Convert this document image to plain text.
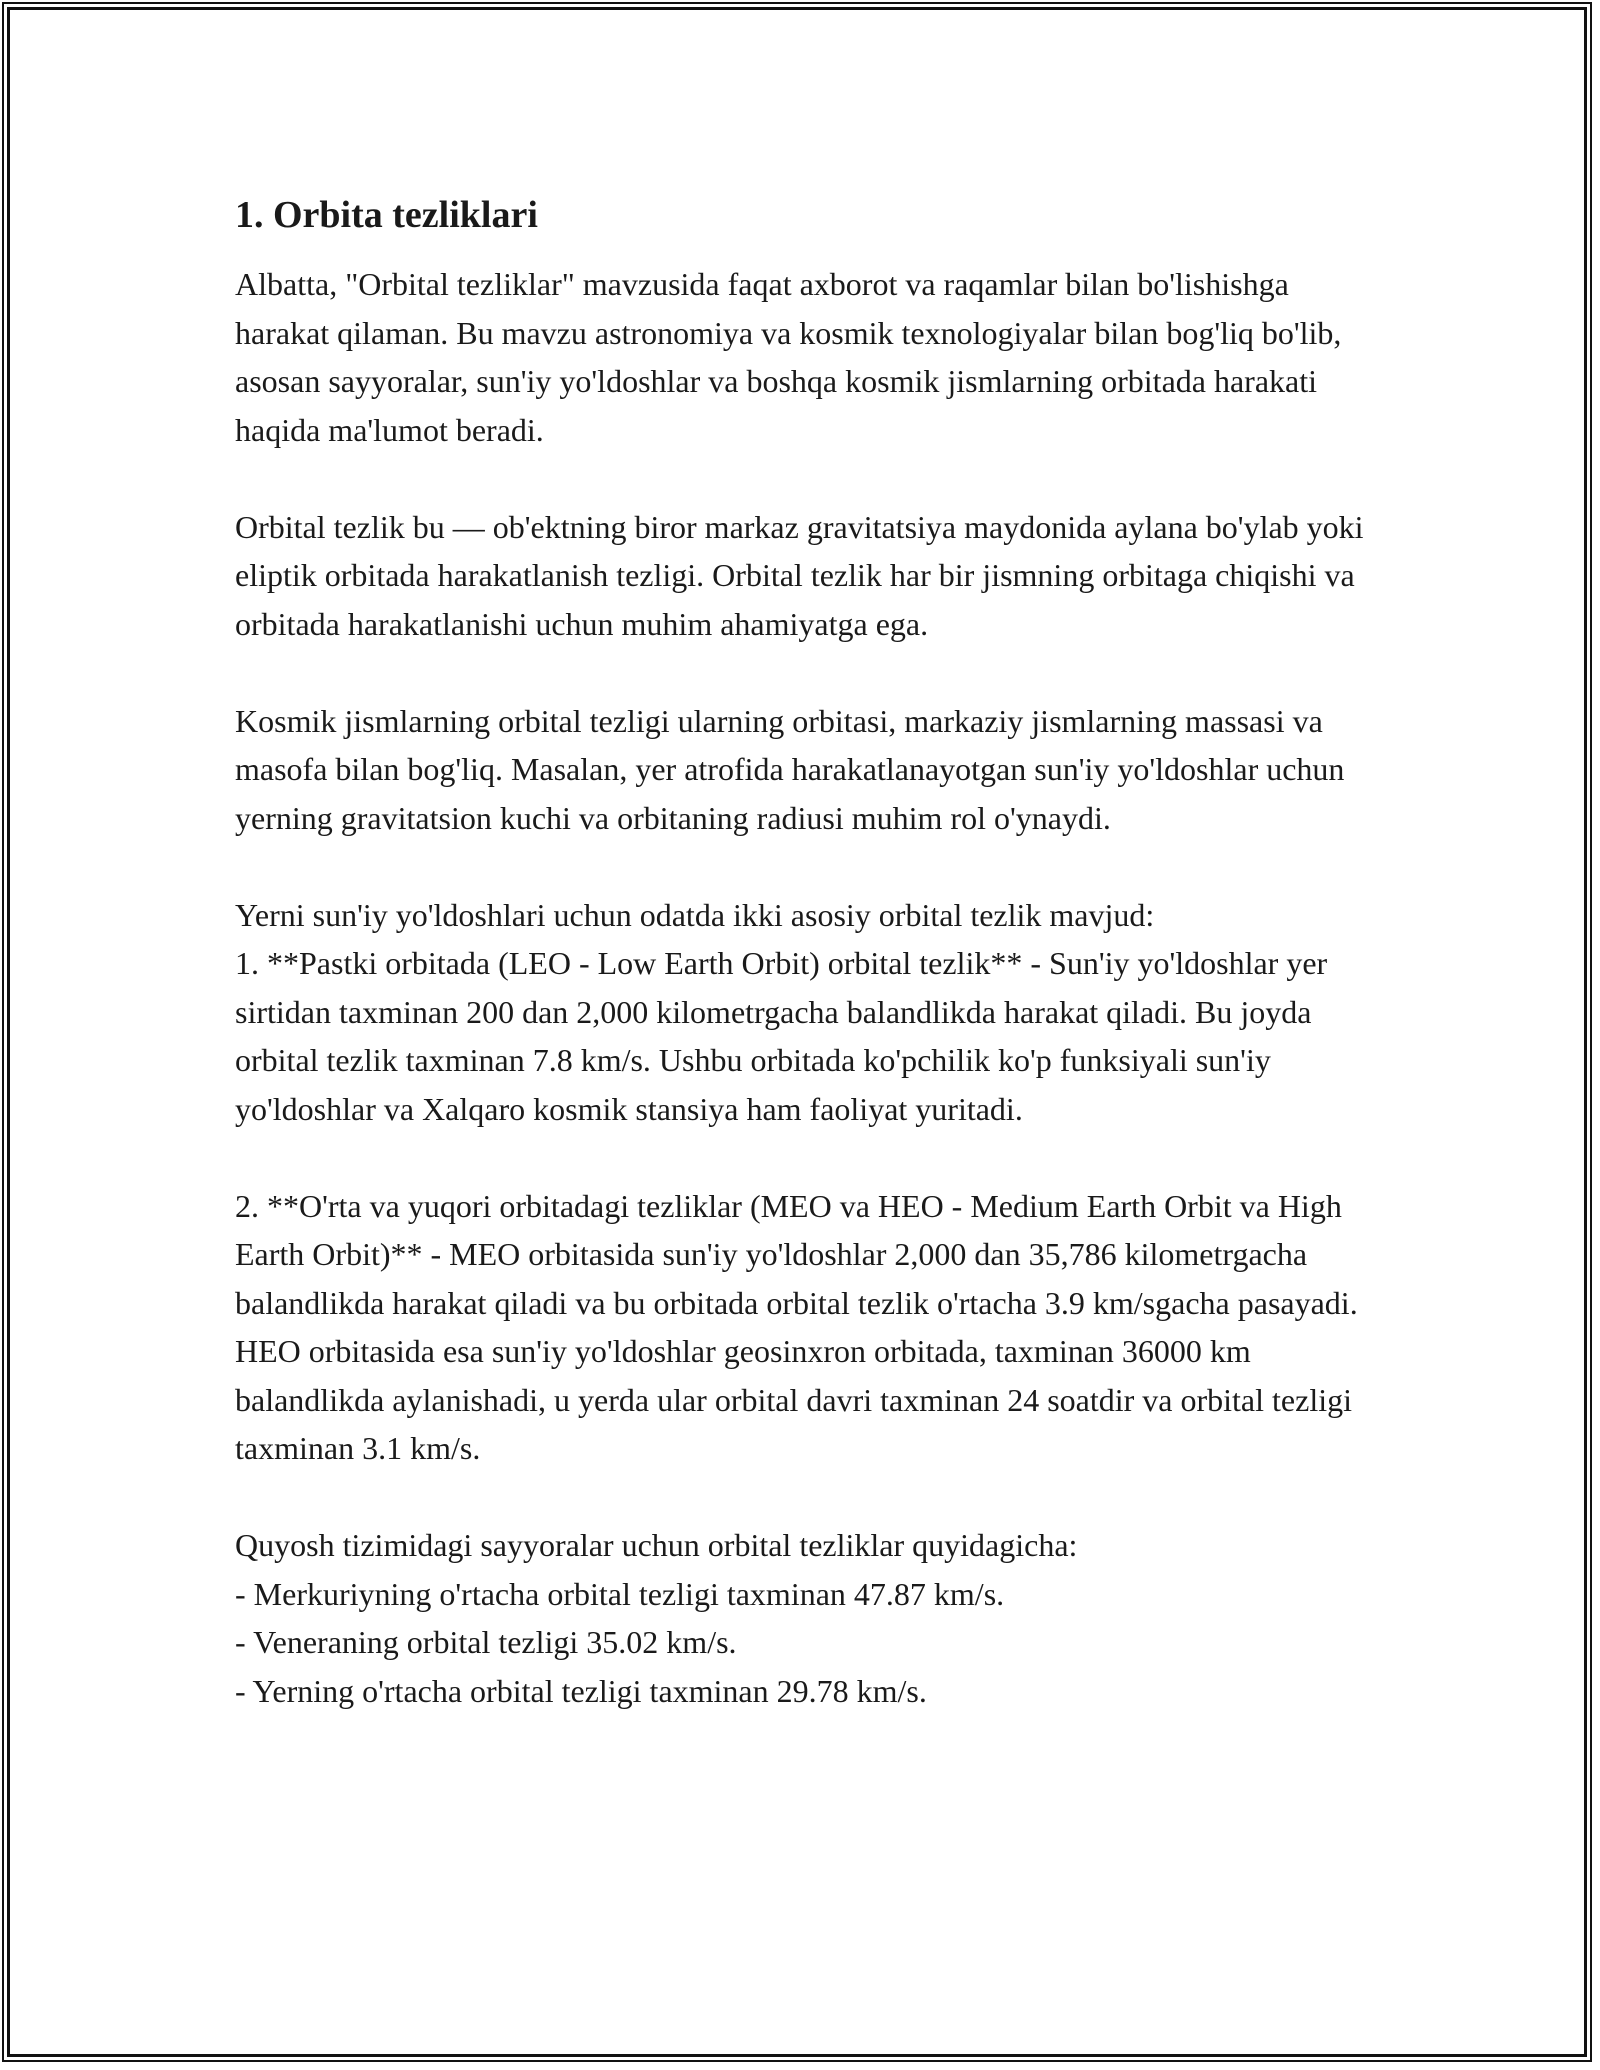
1. Orbita tezliklari

Albatta, "Orbital tezliklar" mavzusida faqat axborot va raqamlar bilan bo'lishishga harakat qilaman. Bu mavzu astronomiya va kosmik texnologiyalar bilan bog'liq bo'lib, asosan sayyoralar, sun'iy yo'ldoshlar va boshqa kosmik jismlarning orbitada harakati haqida ma'lumot beradi.

Orbital tezlik bu — ob'ektning biror markaz gravitatsiya maydonida aylana bo'ylab yoki eliptik orbitada harakatlanish tezligi. Orbital tezlik har bir jismning orbitaga chiqishi va orbitada harakatlanishi uchun muhim ahamiyatga ega.

Kosmik jismlarning orbital tezligi ularning orbitasi, markaziy jismlarning massasi va masofa bilan bog'liq. Masalan, yer atrofida harakatlanayotgan sun'iy yo'ldoshlar uchun yerning gravitatsion kuchi va orbitaning radiusi muhim rol o'ynaydi.

Yerni sun'iy yo'ldoshlari uchun odatda ikki asosiy orbital tezlik mavjud:
1. **Pastki orbitada (LEO - Low Earth Orbit) orbital tezlik** - Sun'iy yo'ldoshlar yer sirtidan taxminan 200 dan 2,000 kilometrgacha balandlikda harakat qiladi. Bu joyda orbital tezlik taxminan 7.8 km/s. Ushbu orbitada ko'pchilik ko'p funksiyali sun'iy yo'ldoshlar va Xalqaro kosmik stansiya ham faoliyat yuritadi.

2. **O'rta va yuqori orbitadagi tezliklar (MEO va HEO - Medium Earth Orbit va High Earth Orbit)** - MEO orbitasida sun'iy yo'ldoshlar 2,000 dan 35,786 kilometrgacha balandlikda harakat qiladi va bu orbitada orbital tezlik o'rtacha 3.9 km/sgacha pasayadi. HEO orbitasida esa sun'iy yo'ldoshlar geosinxron orbitada, taxminan 36000 km balandlikda aylanishadi, u yerda ular orbital davri taxminan 24 soatdir va orbital tezligi taxminan 3.1 km/s.

Quyosh tizimidagi sayyoralar uchun orbital tezliklar quyidagicha:
- Merkuriyning o'rtacha orbital tezligi taxminan 47.87 km/s.
- Veneraning orbital tezligi 35.02 km/s.
- Yerning o'rtacha orbital tezligi taxminan 29.78 km/s.
